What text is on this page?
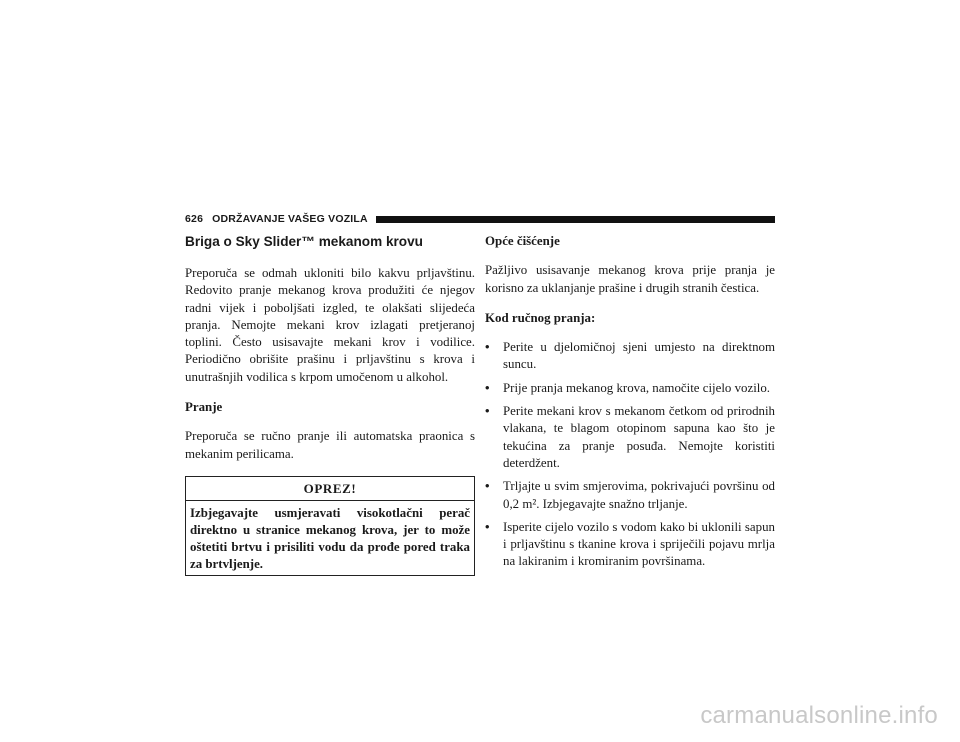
626 ODRŽAVANJE VAŠEG VOZILA
Briga o Sky Slider™ mekanom krovu

Preporuča se odmah ukloniti bilo kakvu prljavštinu. Redovito pranje mekanog krova produžiti će njegov radni vijek i poboljšati izgled, te olakšati slijedeća pranja. Nemojte mekani krov izlagati pretjeranoj toplini. Često usisavajte mekani krov i vodilice. Periodično obrišite prašinu i prljavštinu s krova i unutrašnjih vodilica s krpom umočenom u alkohol.

Pranje

Preporuča se ručno pranje ili automatska praonica s mekanim perilicama.

OPREZ!
Izbjegavajte usmjeravati visokotlačni perač direktno u stranice mekanog krova, jer to može oštetiti brtvu i prisiliti vodu da prođe pored traka za brtvljenje.
Opće čišćenje

Pažljivo usisavanje mekanog krova prije pranja je korisno za uklanjanje prašine i drugih stranih čestica.

Kod ručnog pranja:
• Perite u djelomičnoj sjeni umjesto na direktnom suncu.
• Prije pranja mekanog krova, namočite cijelo vozilo.
• Perite mekani krov s mekanom četkom od prirodnih vlakana, te blagom otopinom sapuna kao što je tekućina za pranje posuđa. Nemojte koristiti deterdžent.
• Trljajte u svim smjerovima, pokrivajući površinu od 0,2 m². Izbjegavajte snažno trljanje.
• Isperite cijelo vozilo s vodom kako bi uklonili sapun i prljavštinu s tkanine krova i spriječili pojavu mrlja na lakiranim i kromiranim površinama.
carmanualsonline.info
